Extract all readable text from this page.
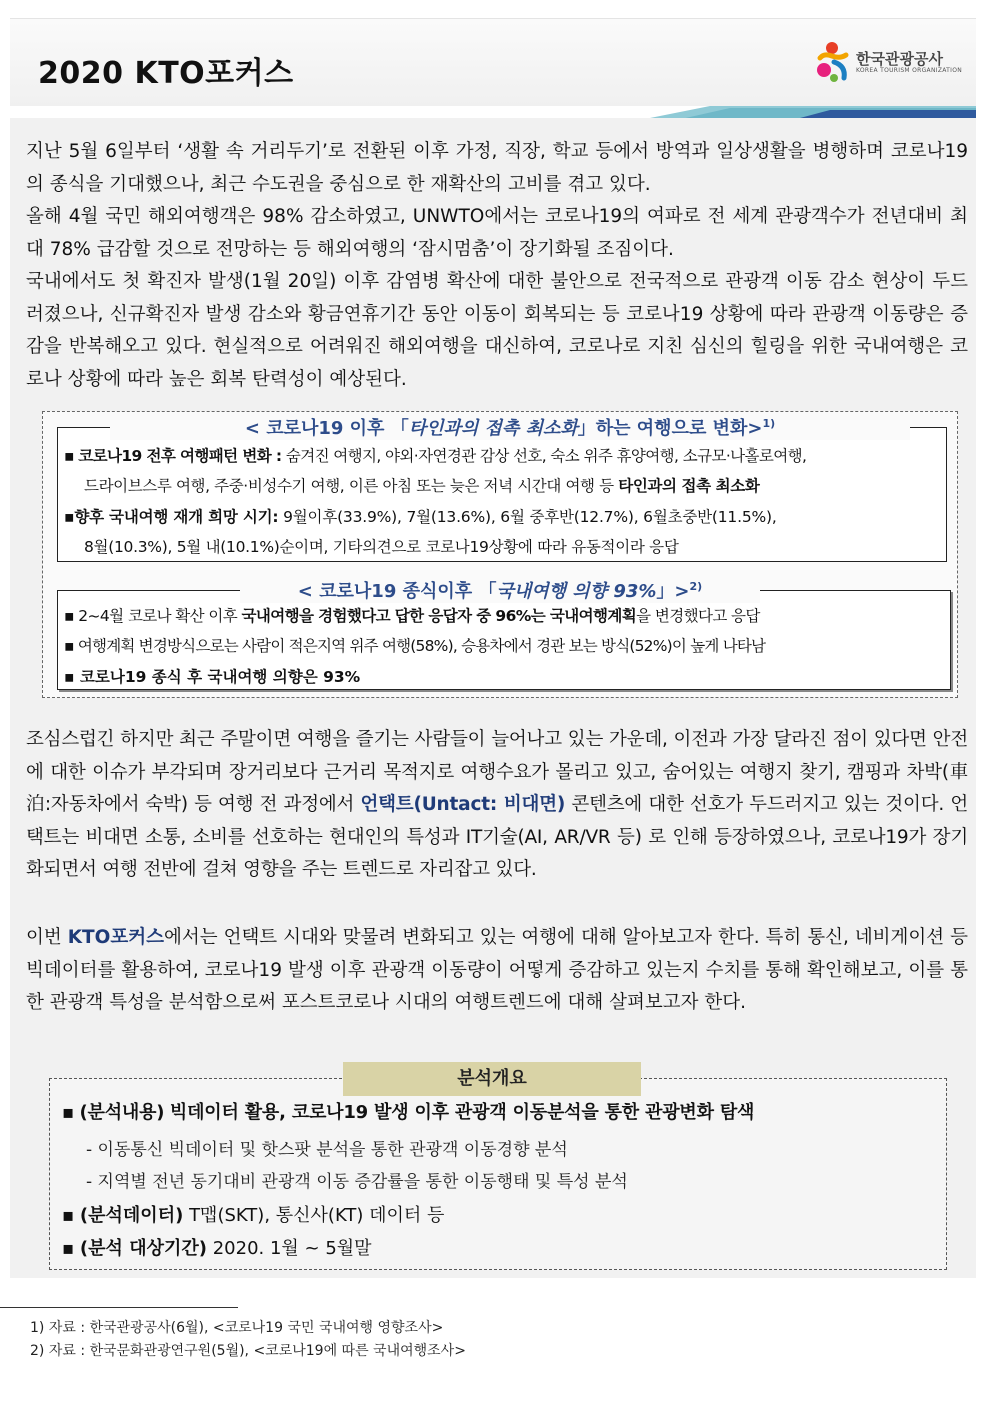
2020 KTO포커스	한국관광공사
KOREA TOURISM ORGANIZATION

지난 5월 6일부터 ‘생활 속 거리두기’로 전환된 이후 가정, 직장, 학교 등에서 방역과 일상생활을 병행하며 코로나19의 종식을 기대했으나, 최근 수도권을 중심으로 한 재확산의 고비를 겪고 있다.

올해 4월 국민 해외여행객은 98% 감소하였고, UNWTO에서는 코로나19의 여파로 전 세계 관광객수가 전년대비 최대 78% 급감할 것으로 전망하는 등 해외여행의 ‘잠시멈춤’이 장기화될 조짐이다.

국내에서도 첫 확진자 발생(1월 20일) 이후 감염병 확산에 대한 불안으로 전국적으로 관광객 이동 감소 현상이 두드러졌으나, 신규확진자 발생 감소와 황금연휴기간 동안 이동이 회복되는 등 코로나19 상황에 따라 관광객 이동량은 증감을 반복해오고 있다. 현실적으로 어려워진 해외여행을 대신하여, 코로나로 지친 심신의 힐링을 위한 국내여행은 코로나 상황에 따라 높은 회복 탄력성이 예상된다.

< 코로나19 이후 「타인과의 접촉 최소화」하는 여행으로 변화>$^{1)}$
▪ 코로나19 전후 여행패턴 변화 : 숨겨진 여행지, 야외·자연경관 감상 선호, 숙소 위주 휴양여행, 소규모·나홀로여행,
드라이브스루 여행, 주중·비성수기 여행, 이른 아침 또는 늦은 저녁 시간대 여행 등 타인과의 접촉 최소화
▪향후 국내여행 재개 희망 시기: 9월이후(33.9%), 7월(13.6%), 6월 중후반(12.7%), 6월초중반(11.5%),
8월(10.3%), 5월 내(10.1%)순이며, 기타의견으로 코로나19상황에 따라 유동적이라 응답
< 코로나19 종식이후 「국내여행 의향 93%」>$^{2)}$
▪ 2~4월 코로나 확산 이후 국내여행을 경험했다고 답한 응답자 중 96%는 국내여행계획을 변경했다고 응답
▪ 여행계획 변경방식으로는 사람이 적은지역 위주 여행(58%), 승용차에서 경관 보는 방식(52%)이 높게 나타남
▪ 코로나19 종식 후 국내여행 의향은 93%

조심스럽긴 하지만 최근 주말이면 여행을 즐기는 사람들이 늘어나고 있는 가운데, 이전과 가장 달라진 점이 있다면 안전에 대한 이슈가 부각되며 장거리보다 근거리 목적지로 여행수요가 몰리고 있고, 숨어있는 여행지 찾기, 캠핑과 차박(車泊:자동차에서 숙박) 등 여행 전 과정에서 언택트(Untact: 비대면) 콘텐츠에 대한 선호가 두드러지고 있는 것이다. 언택트는 비대면 소통, 소비를 선호하는 현대인의 특성과 IT기술(AI, AR/VR 등) 로 인해 등장하였으나, 코로나19가 장기화되면서 여행 전반에 걸쳐 영향을 주는 트렌드로 자리잡고 있다.

이번 KTO포커스에서는 언택트 시대와 맞물려 변화되고 있는 여행에 대해 알아보고자 한다. 특히 통신, 네비게이션 등 빅데이터를 활용하여, 코로나19 발생 이후 관광객 이동량이 어떻게 증감하고 있는지 수치를 통해 확인해보고, 이를 통한 관광객 특성을 분석함으로써 포스트코로나 시대의 여행트렌드에 대해 살펴보고자 한다.

분석개요
▪ (분석내용) 빅데이터 활용, 코로나19 발생 이후 관광객 이동분석을 통한 관광변화 탐색
- 이동통신 빅데이터 및 핫스팟 분석을 통한 관광객 이동경향 분석
- 지역별 전년 동기대비 관광객 이동 증감률을 통한 이동행태 및 특성 분석
▪ (분석데이터) T맵(SKT), 통신사(KT) 데이터 등
▪ (분석 대상기간) 2020. 1월 ~ 5월말
1) 자료 : 한국관광공사(6월), <코로나19 국민 국내여행 영향조사>
2) 자료 : 한국문화관광연구원(5월), <코로나19에 따른 국내여행조사>
